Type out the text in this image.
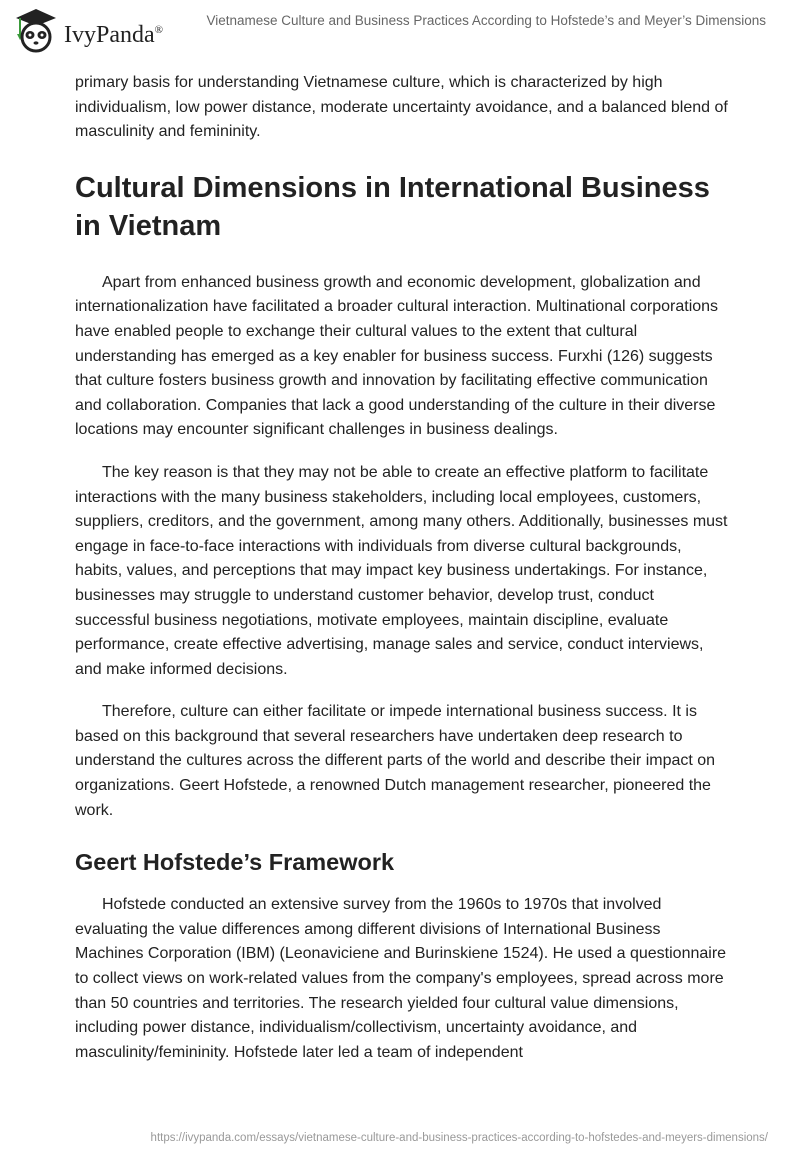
IvyPanda®
Vietnamese Culture and Business Practices According to Hofstede’s and Meyer’s Dimensions

primary basis for understanding Vietnamese culture, which is characterized by high individualism, low power distance, moderate uncertainty avoidance, and a balanced blend of masculinity and femininity.

Cultural Dimensions in International Business in Vietnam

Apart from enhanced business growth and economic development, globalization and internationalization have facilitated a broader cultural interaction. Multinational corporations have enabled people to exchange their cultural values to the extent that cultural understanding has emerged as a key enabler for business success. Furxhi (126) suggests that culture fosters business growth and innovation by facilitating effective communication and collaboration. Companies that lack a good understanding of the culture in their diverse locations may encounter significant challenges in business dealings.

The key reason is that they may not be able to create an effective platform to facilitate interactions with the many business stakeholders, including local employees, customers, suppliers, creditors, and the government, among many others. Additionally, businesses must engage in face-to-face interactions with individuals from diverse cultural backgrounds, habits, values, and perceptions that may impact key business undertakings. For instance, businesses may struggle to understand customer behavior, develop trust, conduct successful business negotiations, motivate employees, maintain discipline, evaluate performance, create effective advertising, manage sales and service, conduct interviews, and make informed decisions.

Therefore, culture can either facilitate or impede international business success. It is based on this background that several researchers have undertaken deep research to understand the cultures across the different parts of the world and describe their impact on organizations. Geert Hofstede, a renowned Dutch management researcher, pioneered the work.

Geert Hofstede’s Framework

Hofstede conducted an extensive survey from the 1960s to 1970s that involved evaluating the value differences among different divisions of International Business Machines Corporation (IBM) (Leonaviciene and Burinskiene 1524). He used a questionnaire to collect views on work-related values from the company's employees, spread across more than 50 countries and territories. The research yielded four cultural value dimensions, including power distance, individualism/collectivism, uncertainty avoidance, and masculinity/femininity. Hofstede later led a team of independent

https://ivypanda.com/essays/vietnamese-culture-and-business-practices-according-to-hofstedes-and-meyers-dimensions/
